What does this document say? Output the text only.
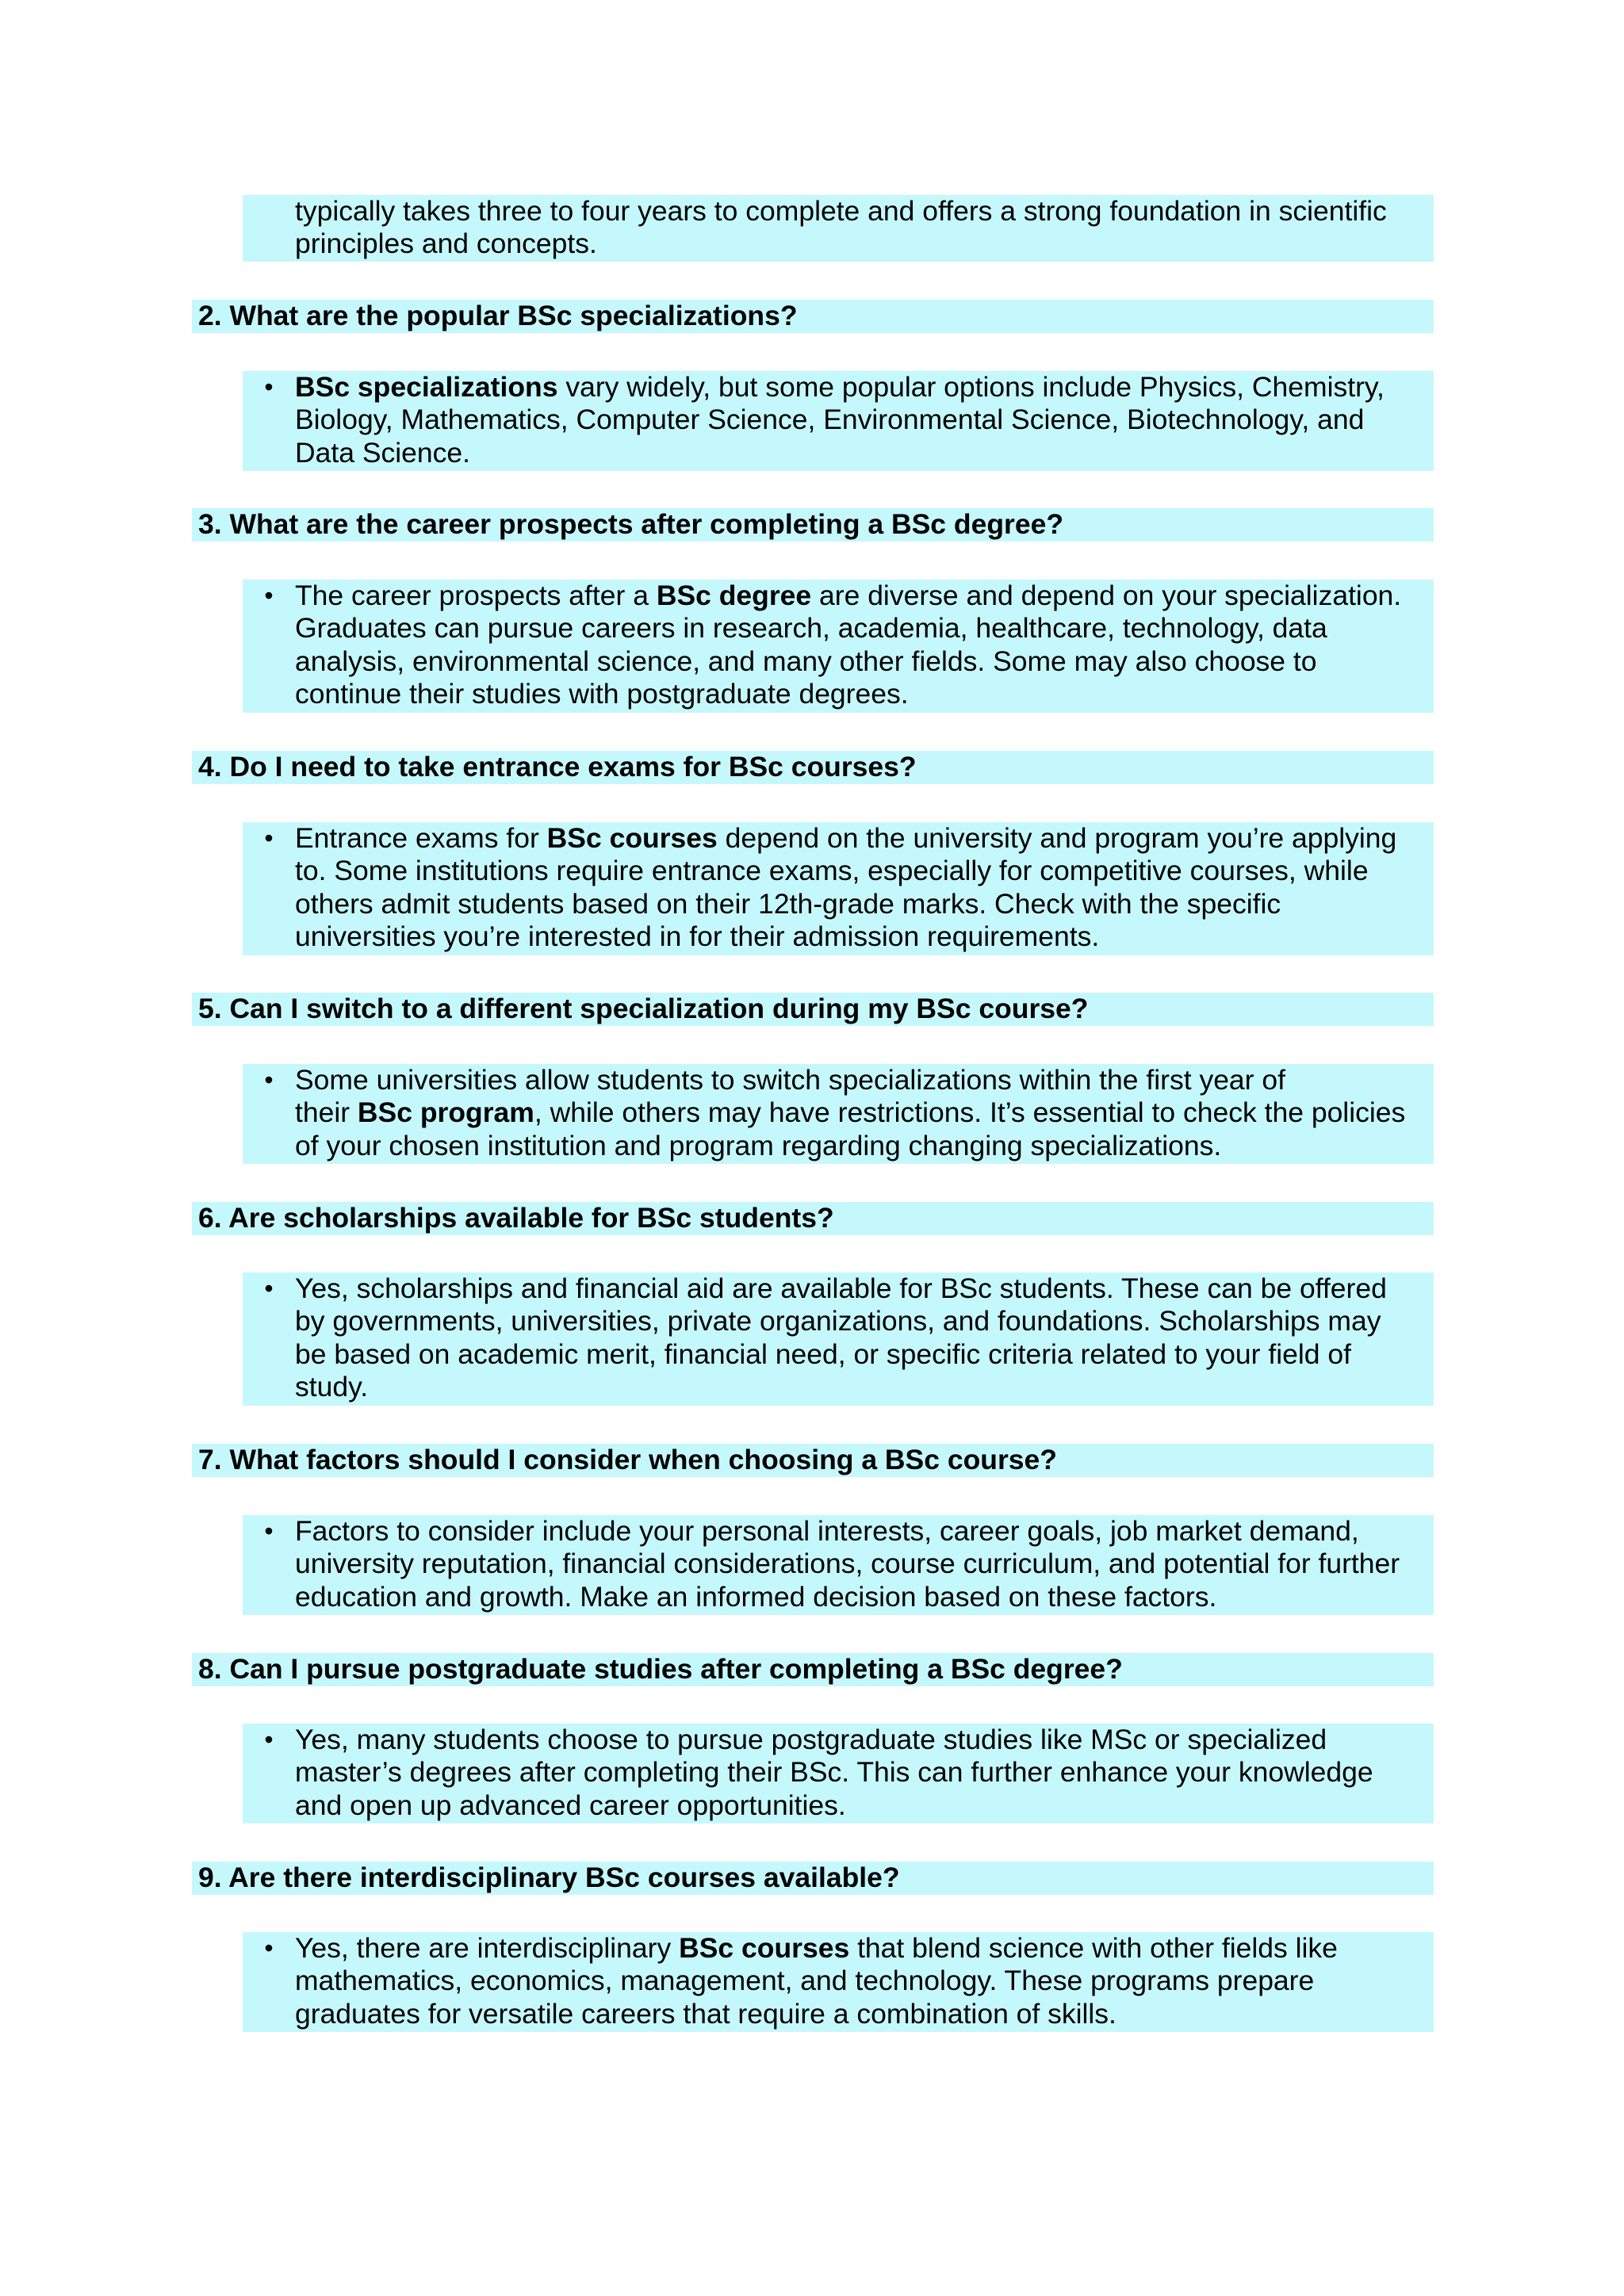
typically takes three to four years to complete and offers a strong foundation in scientific
principles and concepts.
2. What are the popular BSc specializations?
• BSc specializations vary widely, but some popular options include Physics, Chemistry,
Biology, Mathematics, Computer Science, Environmental Science, Biotechnology, and
Data Science.
3. What are the career prospects after completing a BSc degree?
• The career prospects after a BSc degree are diverse and depend on your specialization.
Graduates can pursue careers in research, academia, healthcare, technology, data
analysis, environmental science, and many other fields. Some may also choose to
continue their studies with postgraduate degrees.
4. Do I need to take entrance exams for BSc courses?
• Entrance exams for BSc courses depend on the university and program you’re applying
to. Some institutions require entrance exams, especially for competitive courses, while
others admit students based on their 12th-grade marks. Check with the specific
universities you’re interested in for their admission requirements.
5. Can I switch to a different specialization during my BSc course?
• Some universities allow students to switch specializations within the first year of
their BSc program, while others may have restrictions. It’s essential to check the policies
of your chosen institution and program regarding changing specializations.
6. Are scholarships available for BSc students?
• Yes, scholarships and financial aid are available for BSc students. These can be offered
by governments, universities, private organizations, and foundations. Scholarships may
be based on academic merit, financial need, or specific criteria related to your field of
study.
7. What factors should I consider when choosing a BSc course?
• Factors to consider include your personal interests, career goals, job market demand,
university reputation, financial considerations, course curriculum, and potential for further
education and growth. Make an informed decision based on these factors.
8. Can I pursue postgraduate studies after completing a BSc degree?
• Yes, many students choose to pursue postgraduate studies like MSc or specialized
master’s degrees after completing their BSc. This can further enhance your knowledge
and open up advanced career opportunities.
9. Are there interdisciplinary BSc courses available?
• Yes, there are interdisciplinary BSc courses that blend science with other fields like
mathematics, economics, management, and technology. These programs prepare
graduates for versatile careers that require a combination of skills.
